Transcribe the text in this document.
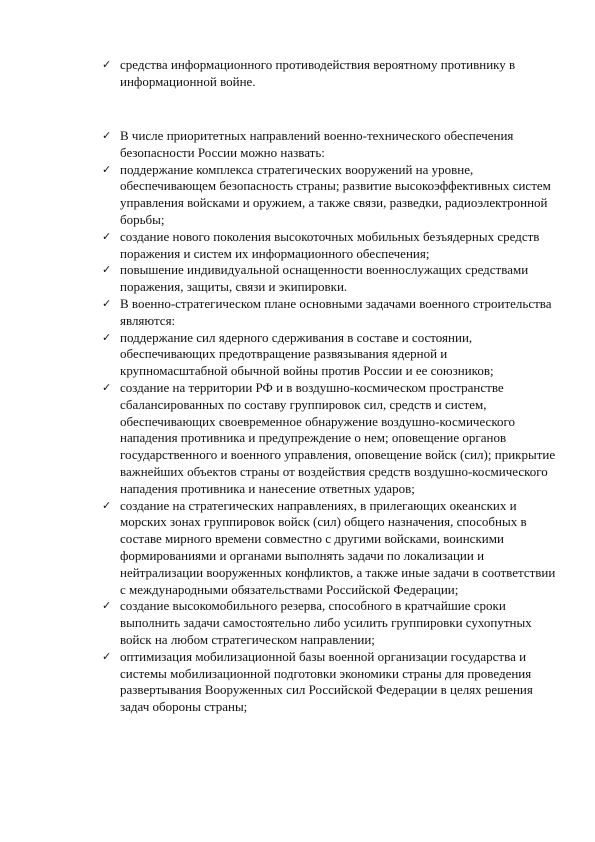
✓ средства информационного противодействия вероятному противнику в информационной войне.
✓ В числе приоритетных направлений военно-технического обеспечения безопасности России можно назвать:
✓ поддержание комплекса стратегических вооружений на уровне, обеспечивающем безопасность страны; развитие высокоэффективных систем управления войсками и оружием, а также связи, разведки, радиоэлектронной борьбы;
✓ создание нового поколения высокоточных мобильных безъядерных средств поражения и систем их информационного обеспечения;
✓ повышение индивидуальной оснащенности военнослужащих средствами поражения, защиты, связи и экипировки.
✓ В военно-стратегическом плане основными задачами военного строительства являются:
✓ поддержание сил ядерного сдерживания в составе и состоянии, обеспечивающих предотвращение развязывания ядерной и крупномасштабной обычной войны против России и ее союзников;
✓ создание на территории РФ и в воздушно-космическом пространстве сбалансированных по составу группировок сил, средств и систем, обеспечивающих своевременное обнаружение воздушно-космического нападения противника и предупреждение о нем; оповещение органов государственного и военного управления, оповещение войск (сил); прикрытие важнейших объектов страны от воздействия средств воздушно-космического нападения противника и нанесение ответных ударов;
✓ создание на стратегических направлениях, в прилегающих океанских и морских зонах группировок войск (сил) общего назначения, способных в составе мирного времени совместно с другими войсками, воинскими формированиями и органами выполнять задачи по локализации и нейтрализации вооруженных конфликтов, а также иные задачи в соответствии с международными обязательствами Российской Федерации;
✓ создание высокомобильного резерва, способного в кратчайшие сроки выполнить задачи самостоятельно либо усилить группировки сухопутных войск на любом стратегическом направлении;
✓ оптимизация мобилизационной базы военной организации государства и системы мобилизационной подготовки экономики страны для проведения развертывания Вооруженных сил Российской Федерации в целях решения задач обороны страны;
